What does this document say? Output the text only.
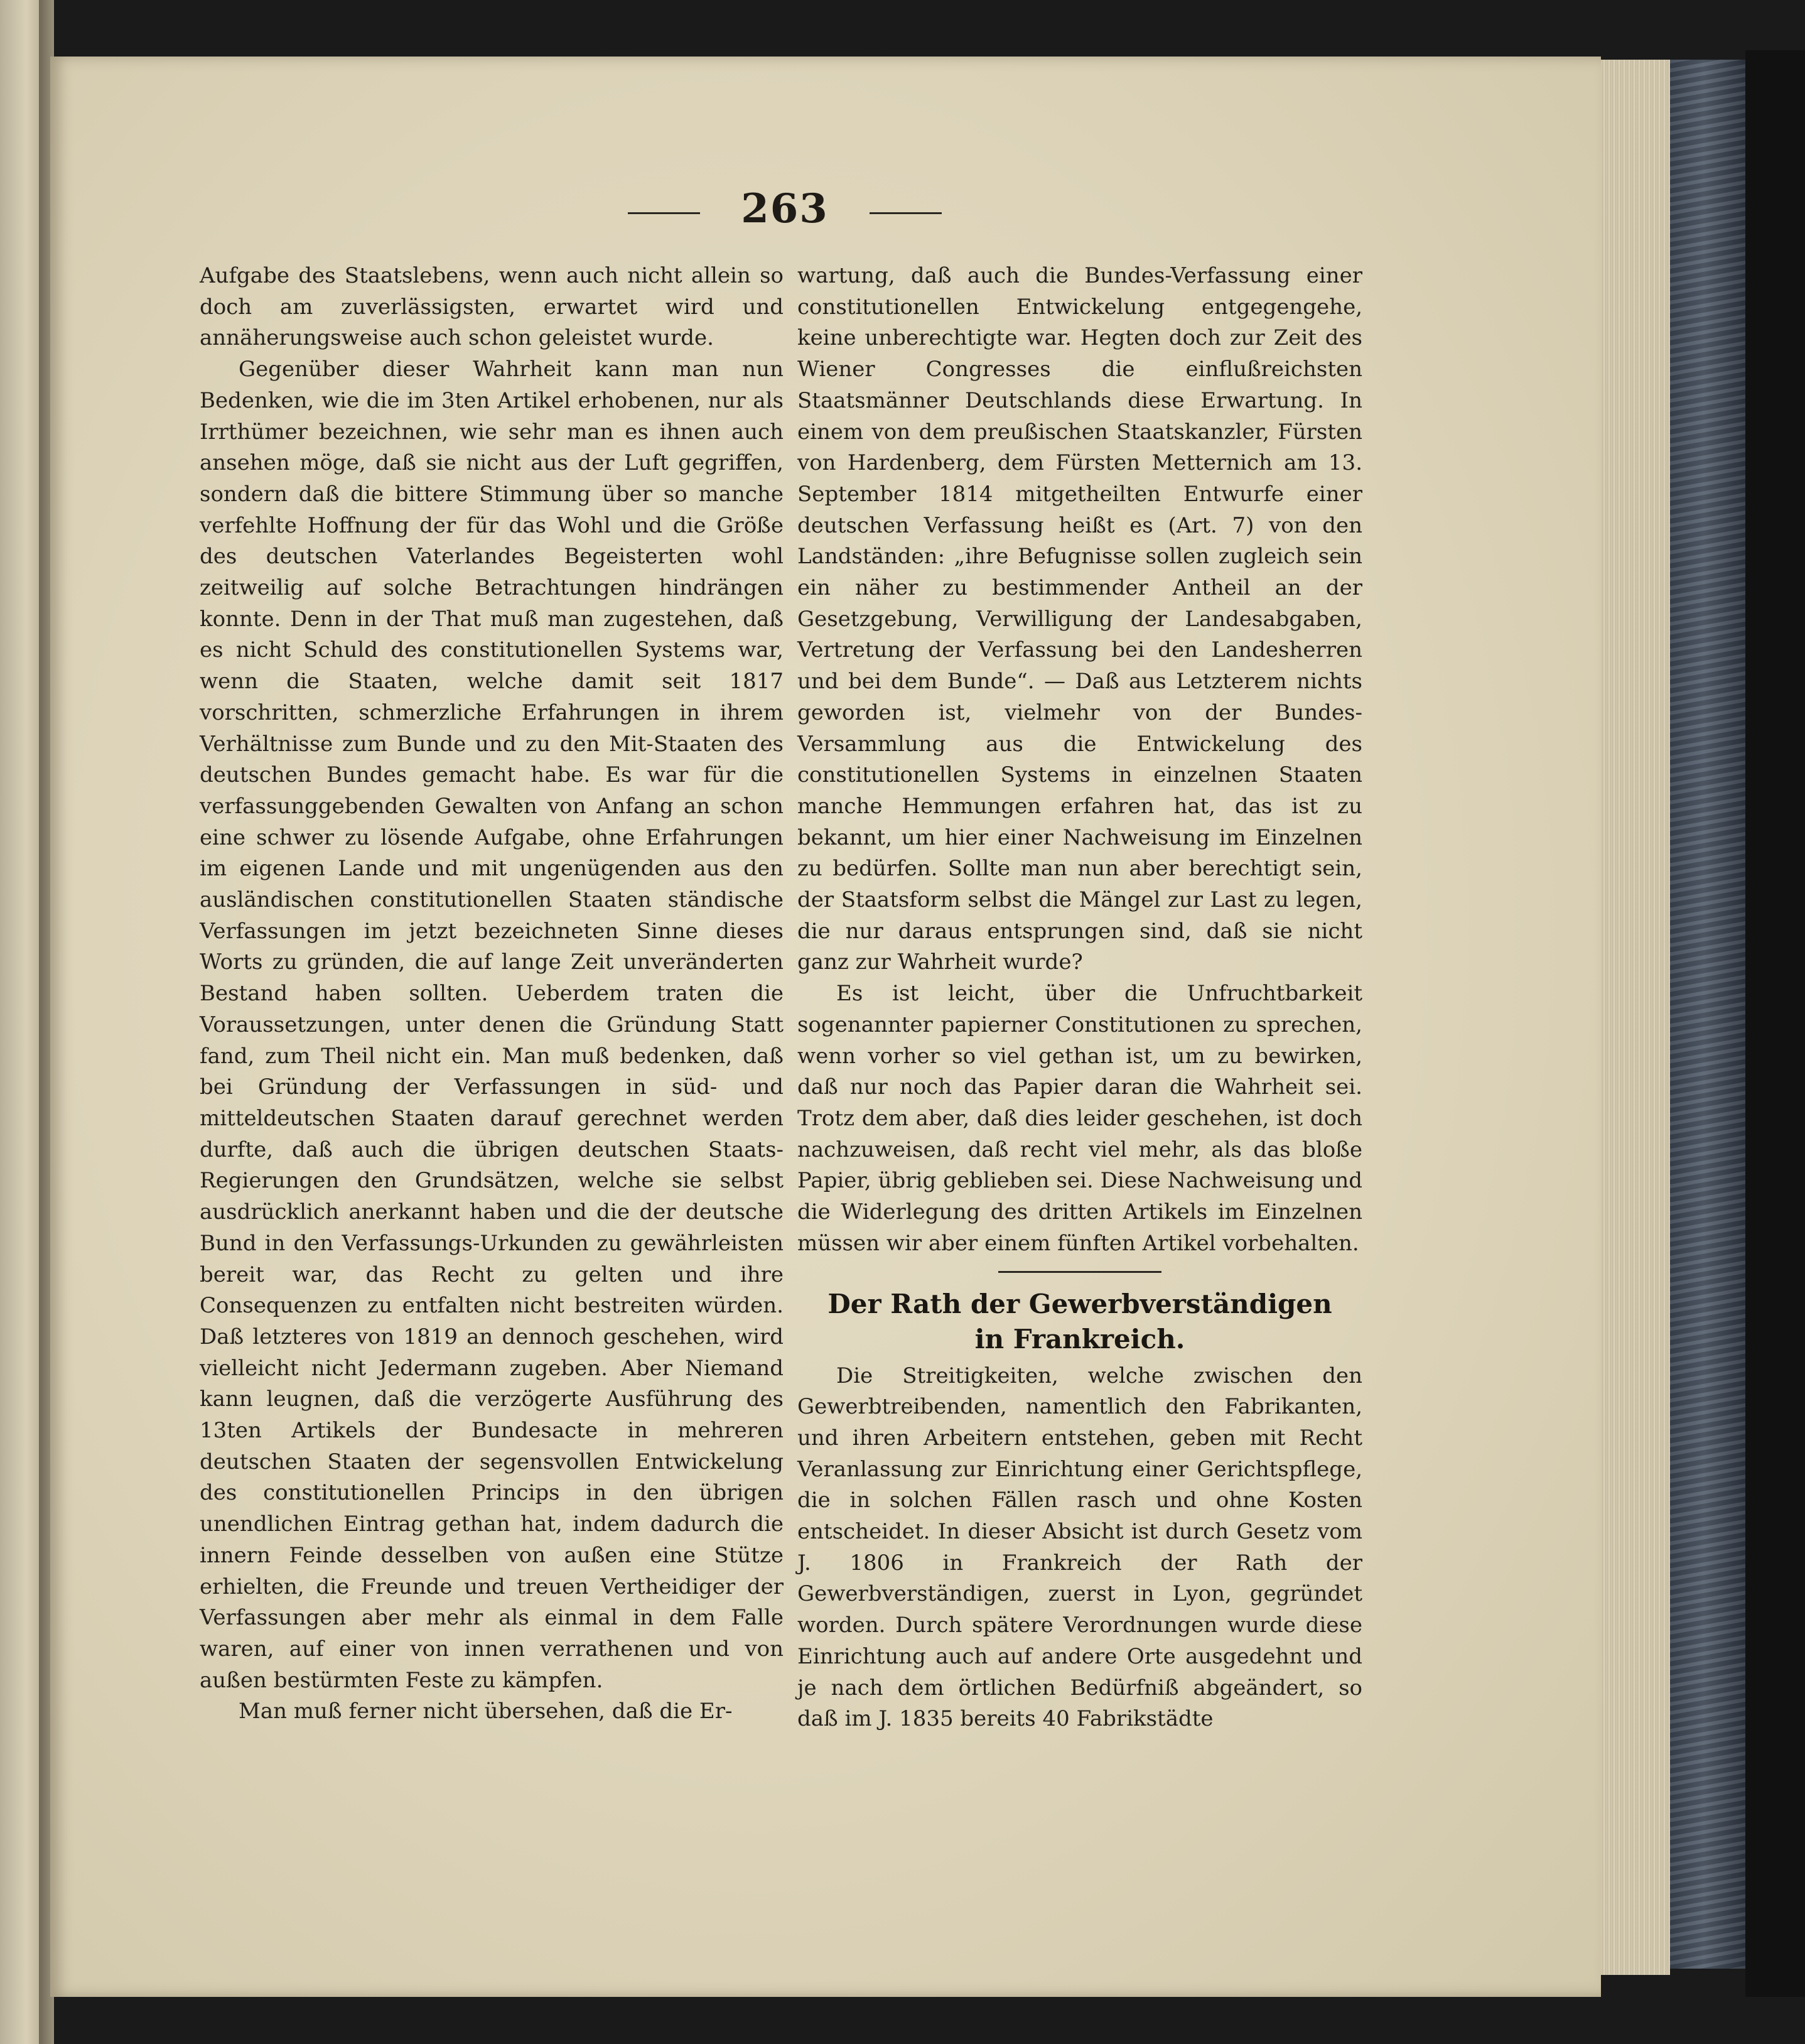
263

Aufgabe des Staatslebens, wenn auch nicht allein so doch am zuverlässigsten, erwartet wird und annäherungsweise auch schon geleistet wurde.

Gegenüber dieser Wahrheit kann man nun Bedenken, wie die im 3ten Artikel erhobenen, nur als Irrthümer bezeichnen, wie sehr man es ihnen auch ansehen möge, daß sie nicht aus der Luft gegriffen, sondern daß die bittere Stimmung über so manche verfehlte Hoffnung der für das Wohl und die Größe des deutschen Vaterlandes Begeisterten wohl zeitweilig auf solche Betrachtungen hindrängen konnte. Denn in der That muß man zugestehen, daß es nicht Schuld des constitutionellen Systems war, wenn die Staaten, welche damit seit 1817 vorschritten, schmerzliche Erfahrungen in ihrem Verhältnisse zum Bunde und zu den Mit-Staaten des deutschen Bundes gemacht habe. Es war für die verfassunggebenden Gewalten von Anfang an schon eine schwer zu lösende Aufgabe, ohne Erfahrungen im eigenen Lande und mit ungenügenden aus den ausländischen constitutionellen Staaten ständische Verfassungen im jetzt bezeichneten Sinne dieses Worts zu gründen, die auf lange Zeit unveränderten Bestand haben sollten. Ueberdem traten die Voraussetzungen, unter denen die Gründung Statt fand, zum Theil nicht ein. Man muß bedenken, daß bei Gründung der Verfassungen in süd- und mitteldeutschen Staaten darauf gerechnet werden durfte, daß auch die übrigen deutschen Staats-Regierungen den Grundsätzen, welche sie selbst ausdrücklich anerkannt haben und die der deutsche Bund in den Verfassungs-Urkunden zu gewährleisten bereit war, das Recht zu gelten und ihre Consequenzen zu entfalten nicht bestreiten würden. Daß letzteres von 1819 an dennoch geschehen, wird vielleicht nicht Jedermann zugeben. Aber Niemand kann leugnen, daß die verzögerte Ausführung des 13ten Artikels der Bundesacte in mehreren deutschen Staaten der segensvollen Entwickelung des constitutionellen Princips in den übrigen unendlichen Eintrag gethan hat, indem dadurch die innern Feinde desselben von außen eine Stütze erhielten, die Freunde und treuen Vertheidiger der Verfassungen aber mehr als einmal in dem Falle waren, auf einer von innen verrathenen und von außen bestürmten Feste zu kämpfen.

Man muß ferner nicht übersehen, daß die Er-

wartung, daß auch die Bundes-Verfassung einer constitutionellen Entwickelung entgegengehe, keine unberechtigte war. Hegten doch zur Zeit des Wiener Congresses die einflußreichsten Staatsmänner Deutschlands diese Erwartung. In einem von dem preußischen Staatskanzler, Fürsten von Hardenberg, dem Fürsten Metternich am 13. September 1814 mitgetheilten Entwurfe einer deutschen Verfassung heißt es (Art. 7) von den Landständen: „ihre Befugnisse sollen zugleich sein ein näher zu bestimmender Antheil an der Gesetzgebung, Verwilligung der Landesabgaben, Vertretung der Verfassung bei den Landesherren und bei dem Bunde“. — Daß aus Letzterem nichts geworden ist, vielmehr von der Bundes-Versammlung aus die Entwickelung des constitutionellen Systems in einzelnen Staaten manche Hemmungen erfahren hat, das ist zu bekannt, um hier einer Nachweisung im Einzelnen zu bedürfen. Sollte man nun aber berechtigt sein, der Staatsform selbst die Mängel zur Last zu legen, die nur daraus entsprungen sind, daß sie nicht ganz zur Wahrheit wurde?

Es ist leicht, über die Unfruchtbarkeit sogenannter papierner Constitutionen zu sprechen, wenn vorher so viel gethan ist, um zu bewirken, daß nur noch das Papier daran die Wahrheit sei. Trotz dem aber, daß dies leider geschehen, ist doch nachzuweisen, daß recht viel mehr, als das bloße Papier, übrig geblieben sei. Diese Nachweisung und die Widerlegung des dritten Artikels im Einzelnen müssen wir aber einem fünften Artikel vorbehalten.

Der Rath der Gewerbverständigen
in Frankreich.

Die Streitigkeiten, welche zwischen den Gewerbtreibenden, namentlich den Fabrikanten, und ihren Arbeitern entstehen, geben mit Recht Veranlassung zur Einrichtung einer Gerichtspflege, die in solchen Fällen rasch und ohne Kosten entscheidet. In dieser Absicht ist durch Gesetz vom J. 1806 in Frankreich der Rath der Gewerbverständigen, zuerst in Lyon, gegründet worden. Durch spätere Verordnungen wurde diese Einrichtung auch auf andere Orte ausgedehnt und je nach dem örtlichen Bedürfniß abgeändert, so daß im J. 1835 bereits 40 Fabrikstädte
